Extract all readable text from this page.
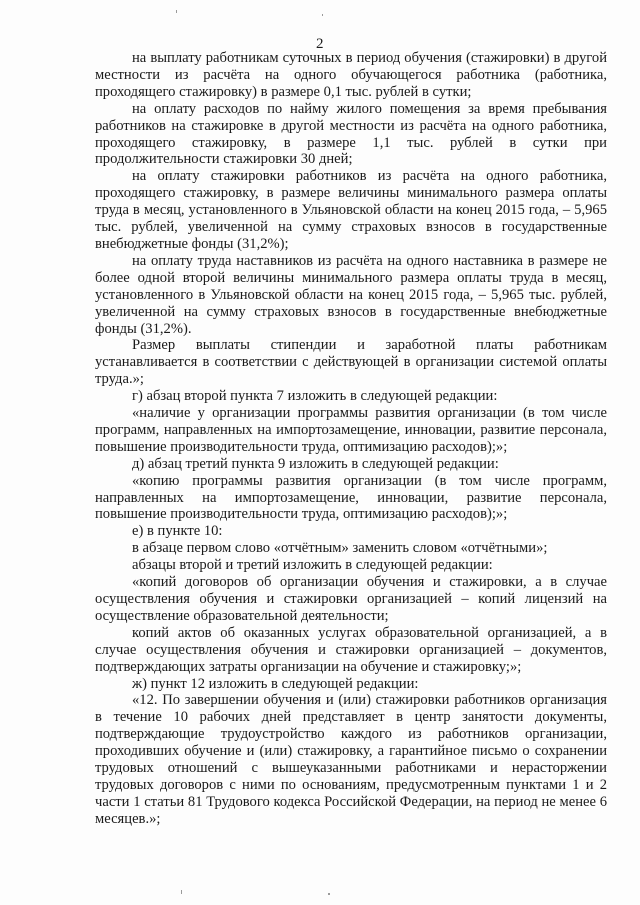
2

на выплату работникам суточных в период обучения (стажировки) в другой местности из расчёта на одного обучающегося работника (работника, проходящего стажировку) в размере 0,1 тыс. рублей в сутки;

на оплату расходов по найму жилого помещения за время пребывания работников на стажировке в другой местности из расчёта на одного работника, проходящего стажировку, в размере 1,1 тыс. рублей в сутки при продолжительности стажировки 30 дней;

на оплату стажировки работников из расчёта на одного работника, проходящего стажировку, в размере величины минимального размера оплаты труда в месяц, установленного в Ульяновской области на конец 2015 года, – 5,965 тыс. рублей, увеличенной на сумму страховых взносов в государственные внебюджетные фонды (31,2%);

на оплату труда наставников из расчёта на одного наставника в размере не более одной второй величины минимального размера оплаты труда в месяц, установленного в Ульяновской области на конец 2015 года, – 5,965 тыс. рублей, увеличенной на сумму страховых взносов в государственные внебюджетные фонды (31,2%).

Размер выплаты стипендии и заработной платы работникам устанавливается в соответствии с действующей в организации системой оплаты труда.»;

г) абзац второй пункта 7 изложить в следующей редакции:

«наличие у организации программы развития организации (в том числе программ, направленных на импортозамещение, инновации, развитие персонала, повышение производительности труда, оптимизацию расходов);»;

д) абзац третий пункта 9 изложить в следующей редакции:

«копию программы развития организации (в том числе программ, направленных на импортозамещение, инновации, развитие персонала, повышение производительности труда, оптимизацию расходов);»;

е) в пункте 10:

в абзаце первом слово «отчётным» заменить словом «отчётными»;

абзацы второй и третий изложить в следующей редакции:

«копий договоров об организации обучения и стажировки, а в случае осуществления обучения и стажировки организацией – копий лицензий на осуществление образовательной деятельности;

копий актов об оказанных услугах образовательной организацией, а в случае осуществления обучения и стажировки организацией – документов, подтверждающих затраты организации на обучение и стажировку;»;

ж) пункт 12 изложить в следующей редакции:

«12. По завершении обучения и (или) стажировки работников организация в течение 10 рабочих дней представляет в центр занятости документы, подтверждающие трудоустройство каждого из работников организации, проходивших обучение и (или) стажировку, а гарантийное письмо о сохранении трудовых отношений с вышеуказанными работниками и нерасторжении трудовых договоров с ними по основаниям, предусмотренным пунктами 1 и 2 части 1 статьи 81 Трудового кодекса Российской Федерации, на период не менее 6 месяцев.»;
